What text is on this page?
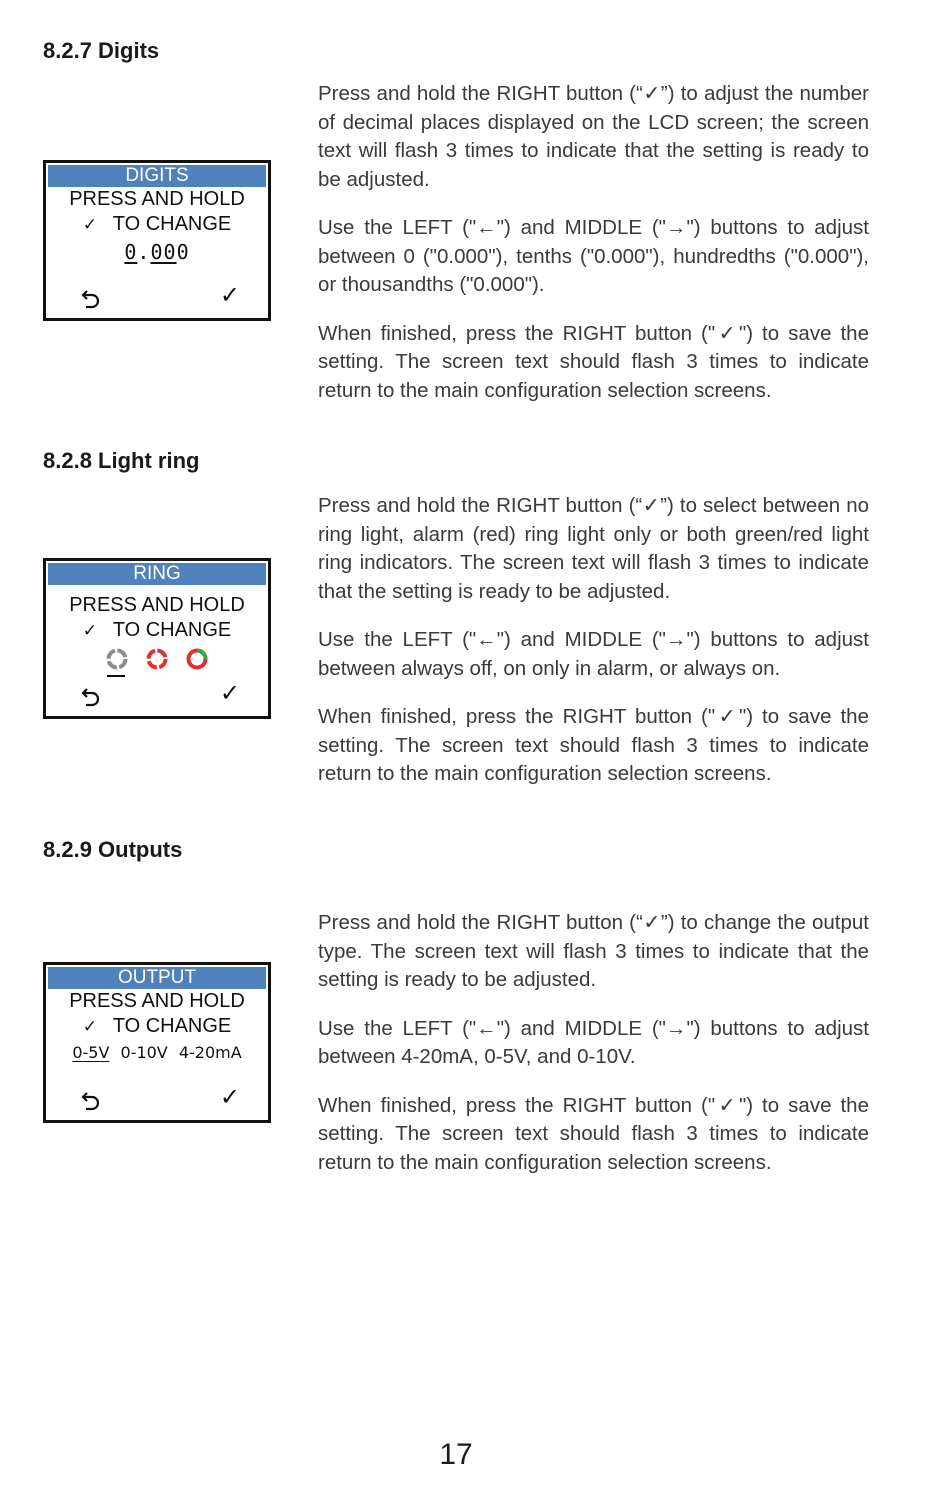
8.2.7 Digits
DIGITS
PRESS AND HOLD
✓ TO CHANGE
0.000
✓

Press and hold the RIGHT button (“✓”) to adjust the number of decimal places displayed on the LCD screen; the screen text will flash 3 times to indicate that the setting is ready to be adjusted.

Use the LEFT ("←") and MIDDLE ("→") buttons to adjust between 0 ("0.000"), tenths ("0.000"), hundredths ("0.000"), or thousandths ("0.000").

When finished, press the RIGHT button ("✓") to save the setting. The screen text should flash 3 times to indicate return to the main configuration selection screens.

8.2.8 Light ring
RING
PRESS AND HOLD
✓ TO CHANGE

✓

Press and hold the RIGHT button (“✓”) to select between no ring light, alarm (red) ring light only or both green/red light ring indicators. The screen text will flash 3 times to indicate that the setting is ready to be adjusted.

Use the LEFT ("←") and MIDDLE ("→") buttons to adjust between always off, on only in alarm, or always on.

When finished, press the RIGHT button ("✓") to save the setting. The screen text should flash 3 times to indicate return to the main configuration selection screens.

8.2.9 Outputs
OUTPUT
PRESS AND HOLD
✓ TO CHANGE
0-5V 0-10V 4-20mA
✓

Press and hold the RIGHT button (“✓”) to change the output type. The screen text will flash 3 times to indicate that the setting is ready to be adjusted.

Use the LEFT ("←") and MIDDLE ("→") buttons to adjust between 4-20mA, 0-5V, and 0-10V.

When finished, press the RIGHT button ("✓") to save the setting. The screen text should flash 3 times to indicate return to the main configuration selection screens.

17
